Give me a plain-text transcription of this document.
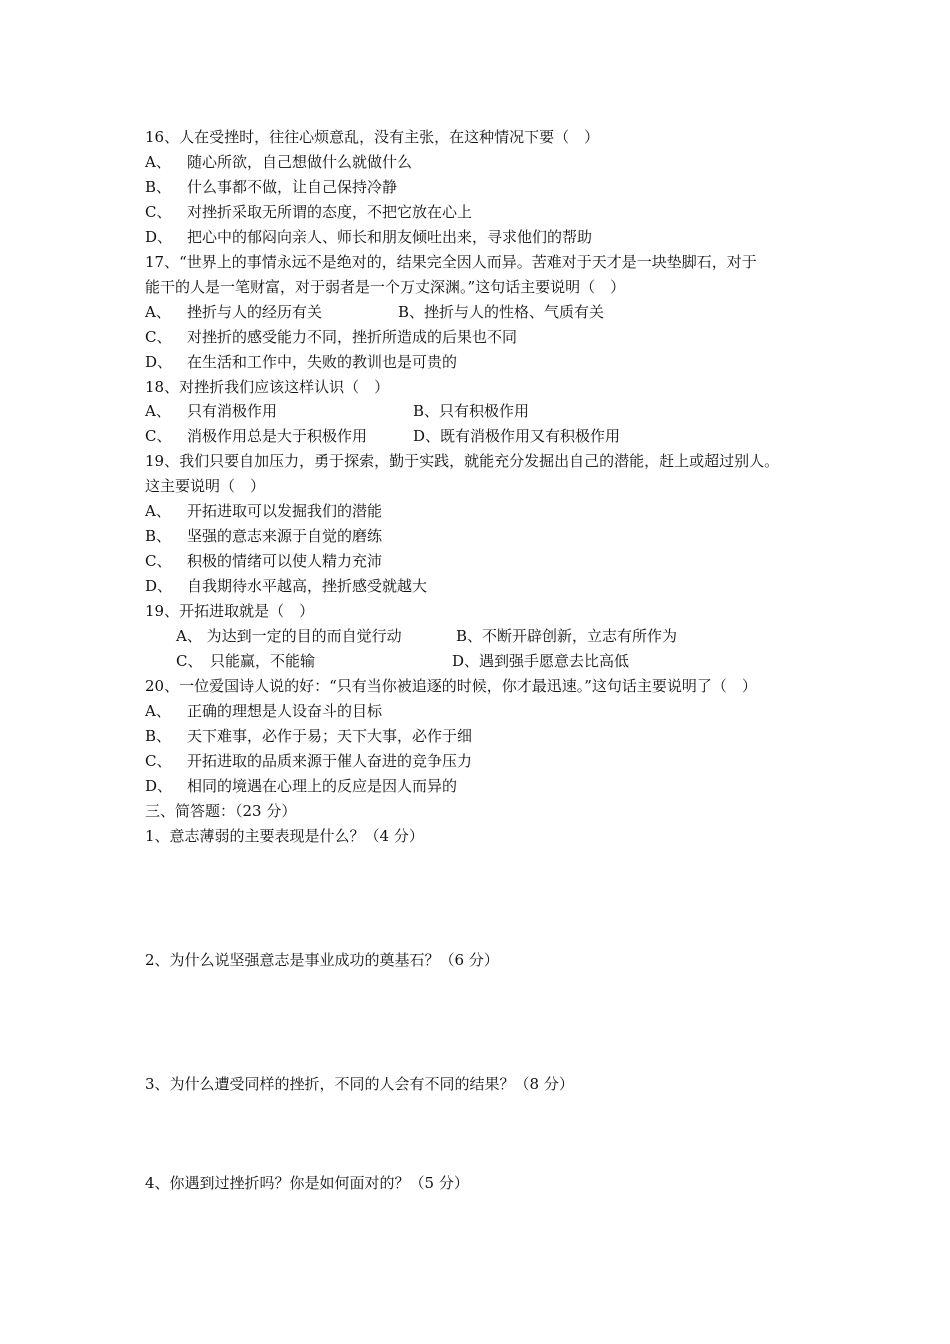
16、人在受挫时，往往心烦意乱，没有主张，在这种情况下要（　）
A、 随心所欲，自己想做什么就做什么
B、 什么事都不做，让自己保持冷静
C、 对挫折采取无所谓的态度，不把它放在心上
D、 把心中的郁闷向亲人、师长和朋友倾吐出来，寻求他们的帮助
17、“世界上的事情永远不是绝对的，结果完全因人而异。苦难对于天才是一块垫脚石，对于
能干的人是一笔财富，对于弱者是一个万丈深渊。”这句话主要说明（　）
A、 挫折与人的经历有关	B、挫折与人的性格、气质有关
C、 对挫折的感受能力不同，挫折所造成的后果也不同
D、 在生活和工作中，失败的教训也是可贵的
18、对挫折我们应该这样认识（　）
A、 只有消极作用	B、只有积极作用
C、 消极作用总是大于积极作用	D、既有消极作用又有积极作用
19、我们只要自加压力，勇于探索，勤于实践，就能充分发掘出自己的潜能，赶上或超过别人。
这主要说明（　）
A、 开拓进取可以发掘我们的潜能
B、 坚强的意志来源于自觉的磨练
C、 积极的情绪可以使人精力充沛
D、 自我期待水平越高，挫折感受就越大
19、开拓进取就是（　）
A、 为达到一定的目的而自觉行动	B、不断开辟创新，立志有所作为
C、　只能赢，不能输	D、遇到强手愿意去比高低
20、一位爱国诗人说的好：“只有当你被追逐的时候，你才最迅速。”这句话主要说明了（　）
A、 正确的理想是人设奋斗的目标
B、 天下难事，必作于易；天下大事，必作于细
C、 开拓进取的品质来源于催人奋进的竞争压力
D、 相同的境遇在心理上的反应是因人而异的
三、简答题：（23 分）
1、意志薄弱的主要表现是什么？（4 分）
2、为什么说坚强意志是事业成功的奠基石？（6 分）
3、为什么遭受同样的挫折，不同的人会有不同的结果？（8 分）
4、你遇到过挫折吗？你是如何面对的？（5 分）
